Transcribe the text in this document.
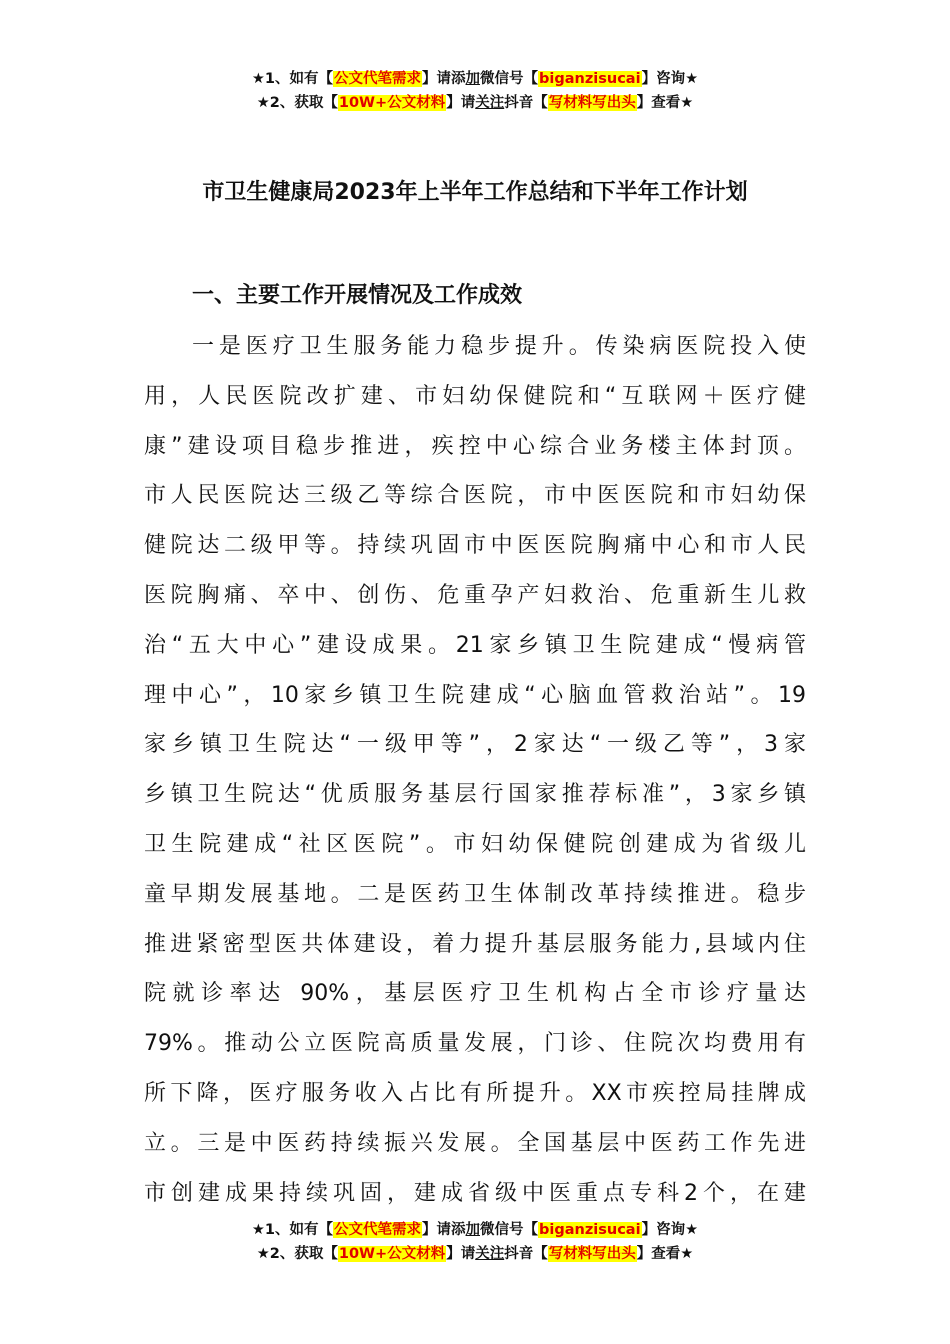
★1、如有【公文代笔需求】请添加微信号【biganzisucai】咨询★
★2、获取【10W+公文材料】请关注抖音【写材料写出头】查看★
市卫生健康局2023年上半年工作总结和下半年工作计划
一、主要工作开展情况及工作成效
一是医疗卫生服务能力稳步提升。传染病医院投入使
用，人民医院改扩建、市妇幼保健院和“互联网＋医疗健
康”建设项目稳步推进，疾控中心综合业务楼主体封顶。
市人民医院达三级乙等综合医院，市中医医院和市妇幼保
健院达二级甲等。持续巩固市中医医院胸痛中心和市人民
医院胸痛、卒中、创伤、危重孕产妇救治、危重新生儿救
治“五大中心”建设成果。21家乡镇卫生院建成“慢病管
理中心”，10家乡镇卫生院建成“心脑血管救治站”。19
家乡镇卫生院达“一级甲等”，2家达“一级乙等”，3家
乡镇卫生院达“优质服务基层行国家推荐标准”，3家乡镇
卫生院建成“社区医院”。市妇幼保健院创建成为省级儿
童早期发展基地。二是医药卫生体制改革持续推进。稳步
推进紧密型医共体建设，着力提升基层服务能力,县域内住
院就诊率达 90%，基层医疗卫生机构占全市诊疗量达
79%。推动公立医院高质量发展，门诊、住院次均费用有
所下降，医疗服务收入占比有所提升。XX市疾控局挂牌成
立。三是中医药持续振兴发展。全国基层中医药工作先进
市创建成果持续巩固，建成省级中医重点专科2个，在建
★1、如有【公文代笔需求】请添加微信号【biganzisucai】咨询★
★2、获取【10W+公文材料】请关注抖音【写材料写出头】查看★
